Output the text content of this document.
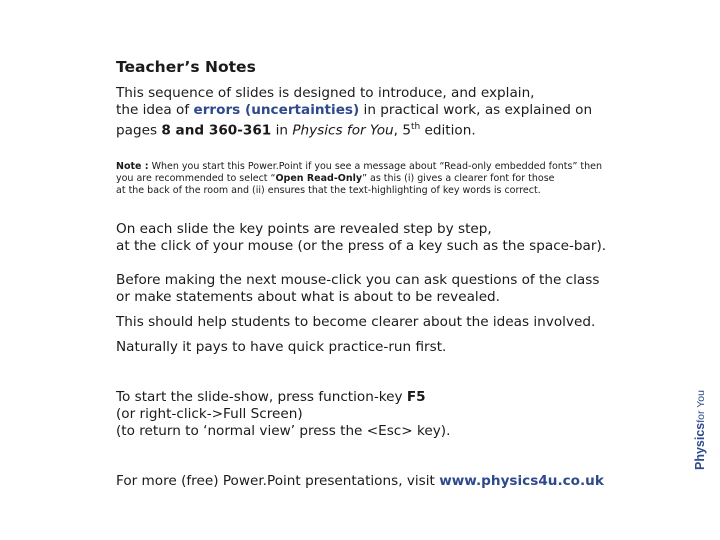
Teacher’s Notes
This sequence of slides is designed to introduce, and explain,
the idea of errors (uncertainties) in practical work, as explained on
pages 8 and 360-361 in Physics for You, 5th edition.
Note : When you start this Power.Point if you see a message about “Read-only embedded fonts” then
you are recommended to select “Open Read-Only” as this (i) gives a clearer font for those
at the back of the room and (ii) ensures that the text-highlighting of key words is correct.
On each slide the key points are revealed step by step,
at the click of your mouse (or the press of a key such as the space-bar).
Before making the next mouse-click you can ask questions of the class
or make statements about what is about to be revealed.
This should help students to become clearer about the ideas involved.
Naturally it pays to have quick practice-run first.
To start the slide-show, press function-key F5
(or right-click->Full Screen)
(to return to ‘normal view’ press the <Esc> key).
For more (free) Power.Point presentations, visit www.physics4u.co.uk
Physicsfor You
